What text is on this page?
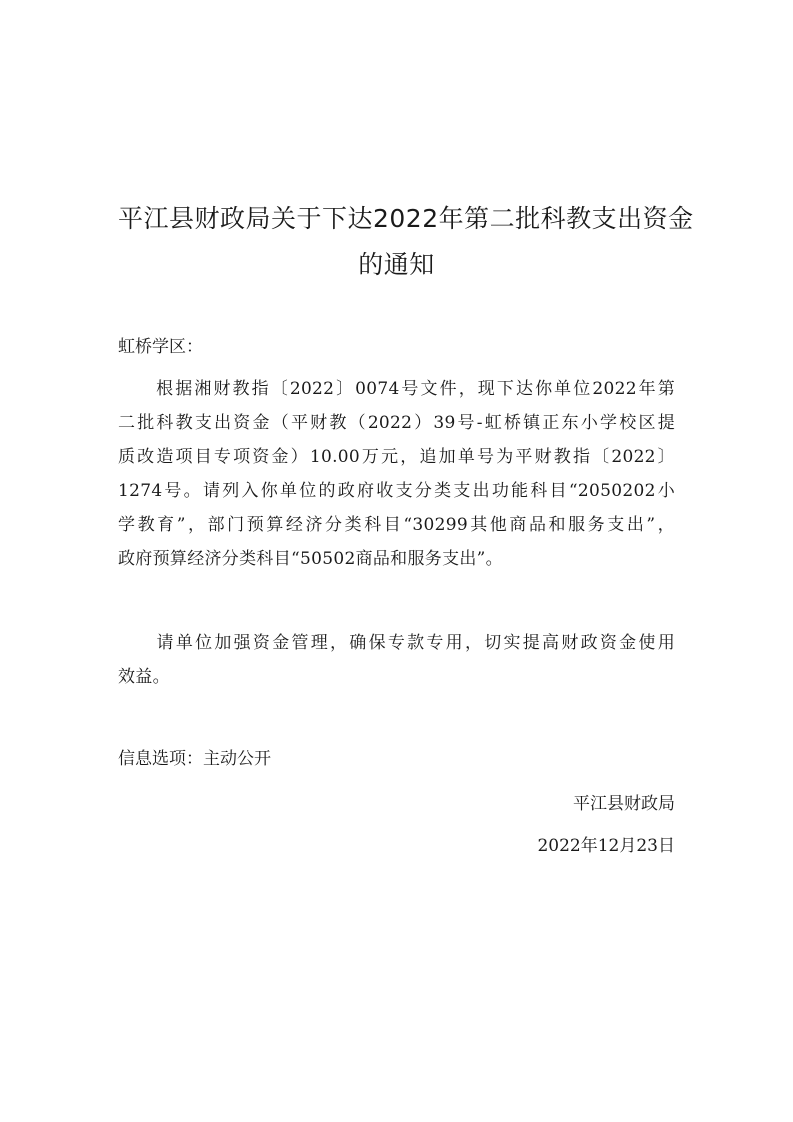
平江县财政局关于下达2022年第二批科教支出资金
的通知
虹桥学区：
　　根据湘财教指〔2022〕0074号文件，现下达你单位2022年第
二批科教支出资金（平财教（2022）39号-虹桥镇正东小学校区提
质改造项目专项资金）10.00万元，追加单号为平财教指〔2022〕
1274号。请列入你单位的政府收支分类支出功能科目“2050202小
学教育”，部门预算经济分类科目“30299其他商品和服务支出”，
政府预算经济分类科目“50502商品和服务支出”。
　　请单位加强资金管理，确保专款专用，切实提高财政资金使用
效益。
信息选项：主动公开
平江县财政局
2022年12月23日
